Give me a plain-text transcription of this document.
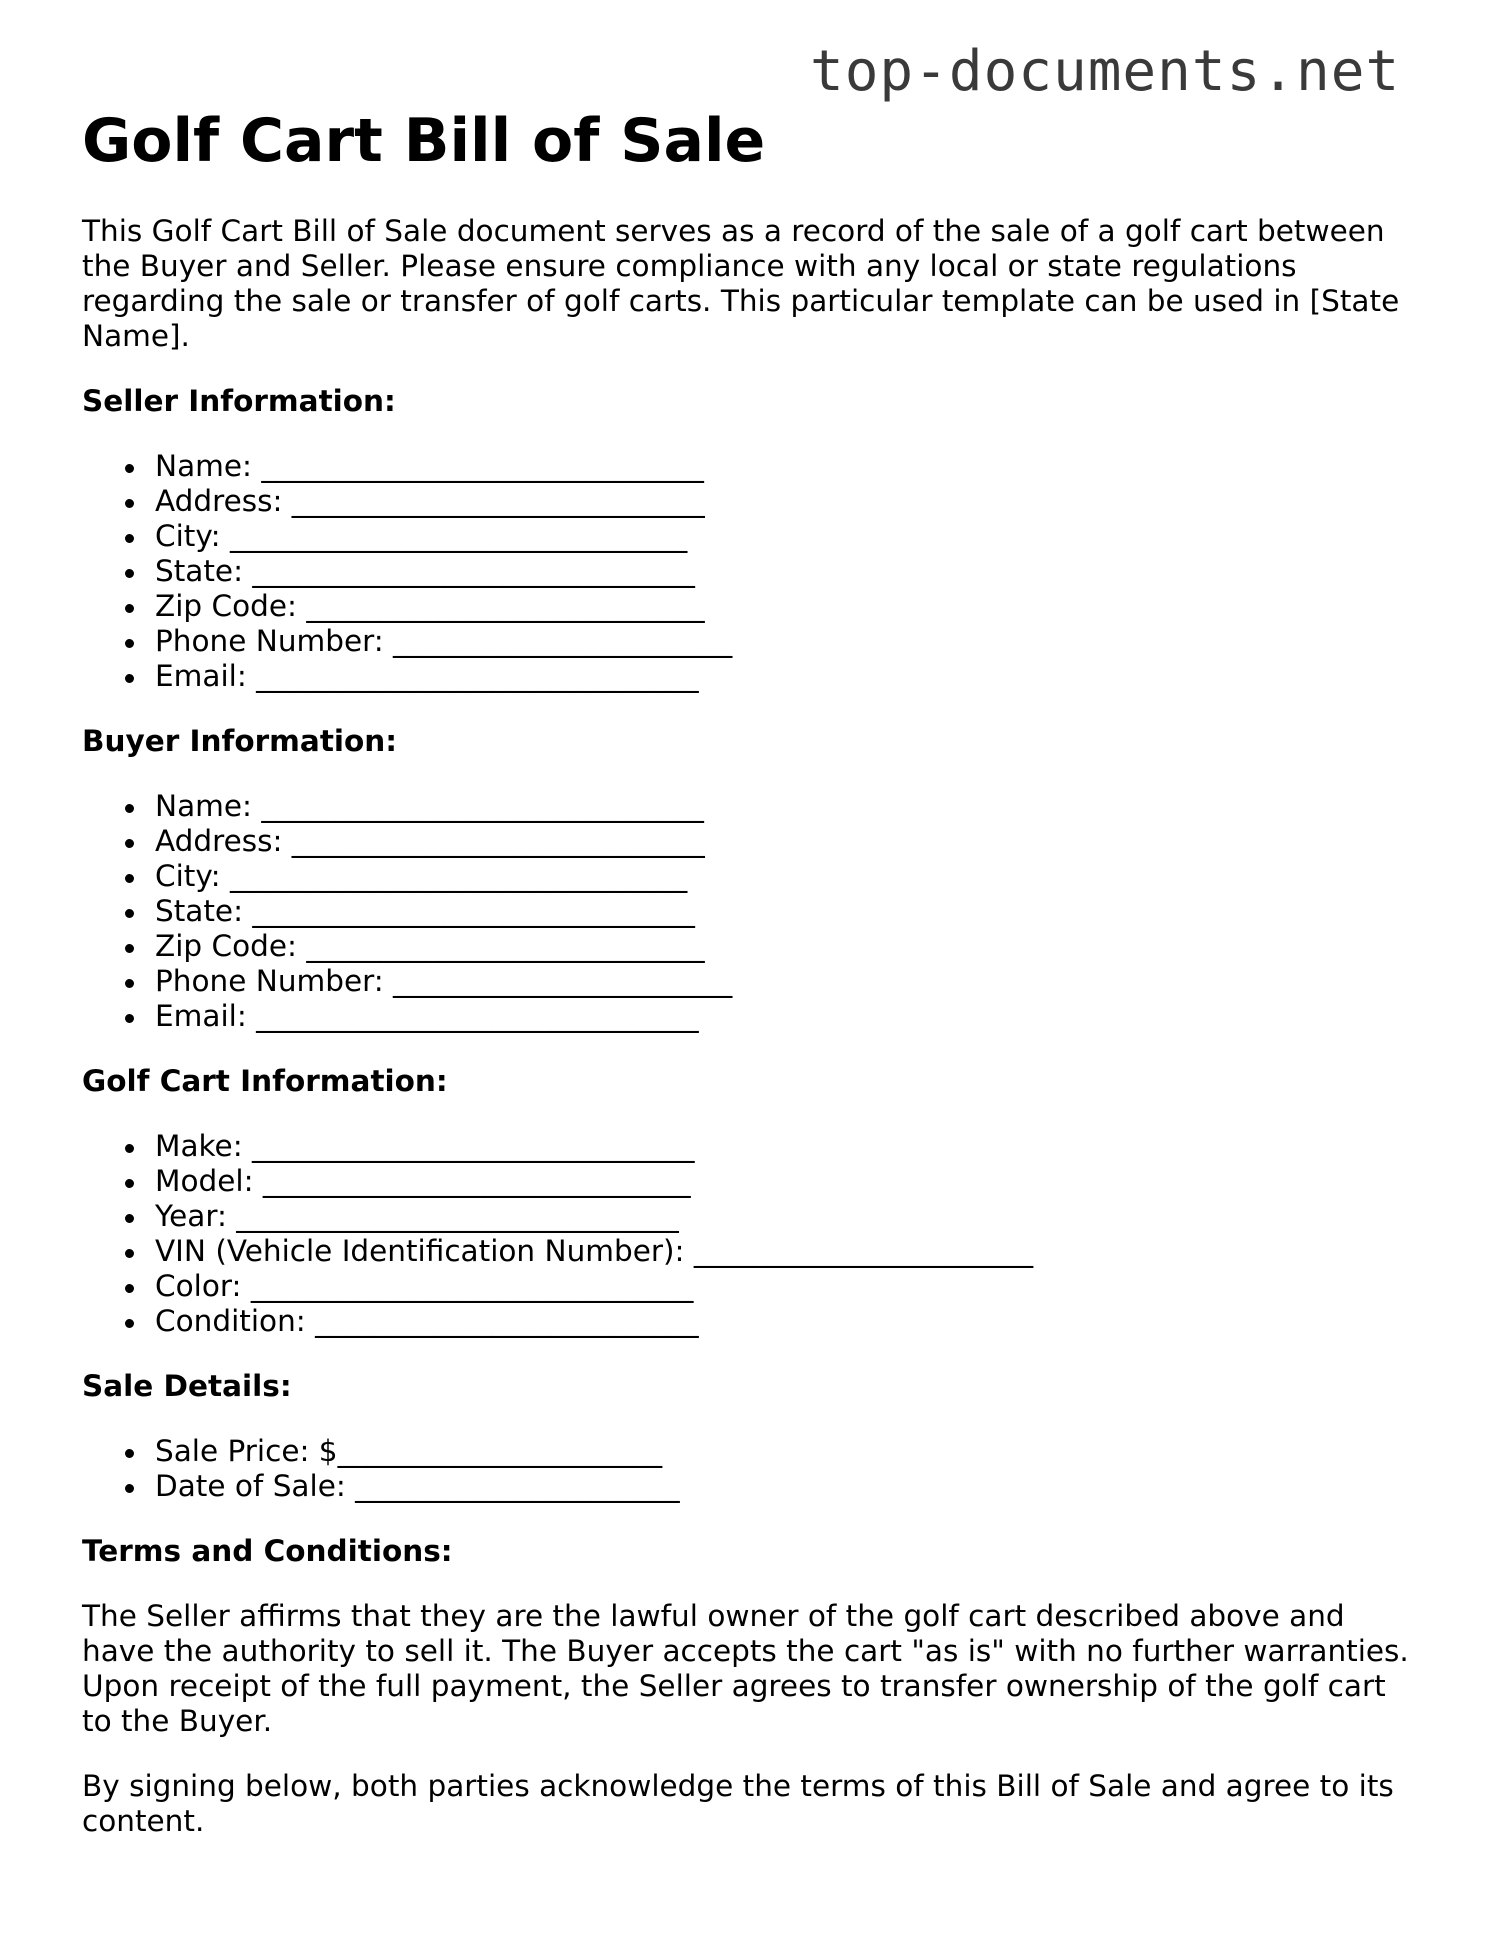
top-documents.net
Golf Cart Bill of Sale

This Golf Cart Bill of Sale document serves as a record of the sale of a golf cart between the Buyer and Seller. Please ensure compliance with any local or state regulations regarding the sale or transfer of golf carts. This particular template can be used in [State Name].

Seller Information:
Name: ______________________________
Address: ____________________________
City: _______________________________
State: ______________________________
Zip Code: ___________________________
Phone Number: _______________________
Email: ______________________________
Buyer Information:
Name: ______________________________
Address: ____________________________
City: _______________________________
State: ______________________________
Zip Code: ___________________________
Phone Number: _______________________
Email: ______________________________
Golf Cart Information:
Make: ______________________________
Model: _____________________________
Year: ______________________________
VIN (Vehicle Identification Number): _______________________
Color: ______________________________
Condition: __________________________
Sale Details:
Sale Price: $______________________
Date of Sale: ______________________
Terms and Conditions:

The Seller affirms that they are the lawful owner of the golf cart described above and have the authority to sell it. The Buyer accepts the cart "as is" with no further warranties. Upon receipt of the full payment, the Seller agrees to transfer ownership of the golf cart to the Buyer.

By signing below, both parties acknowledge the terms of this Bill of Sale and agree to its content.
